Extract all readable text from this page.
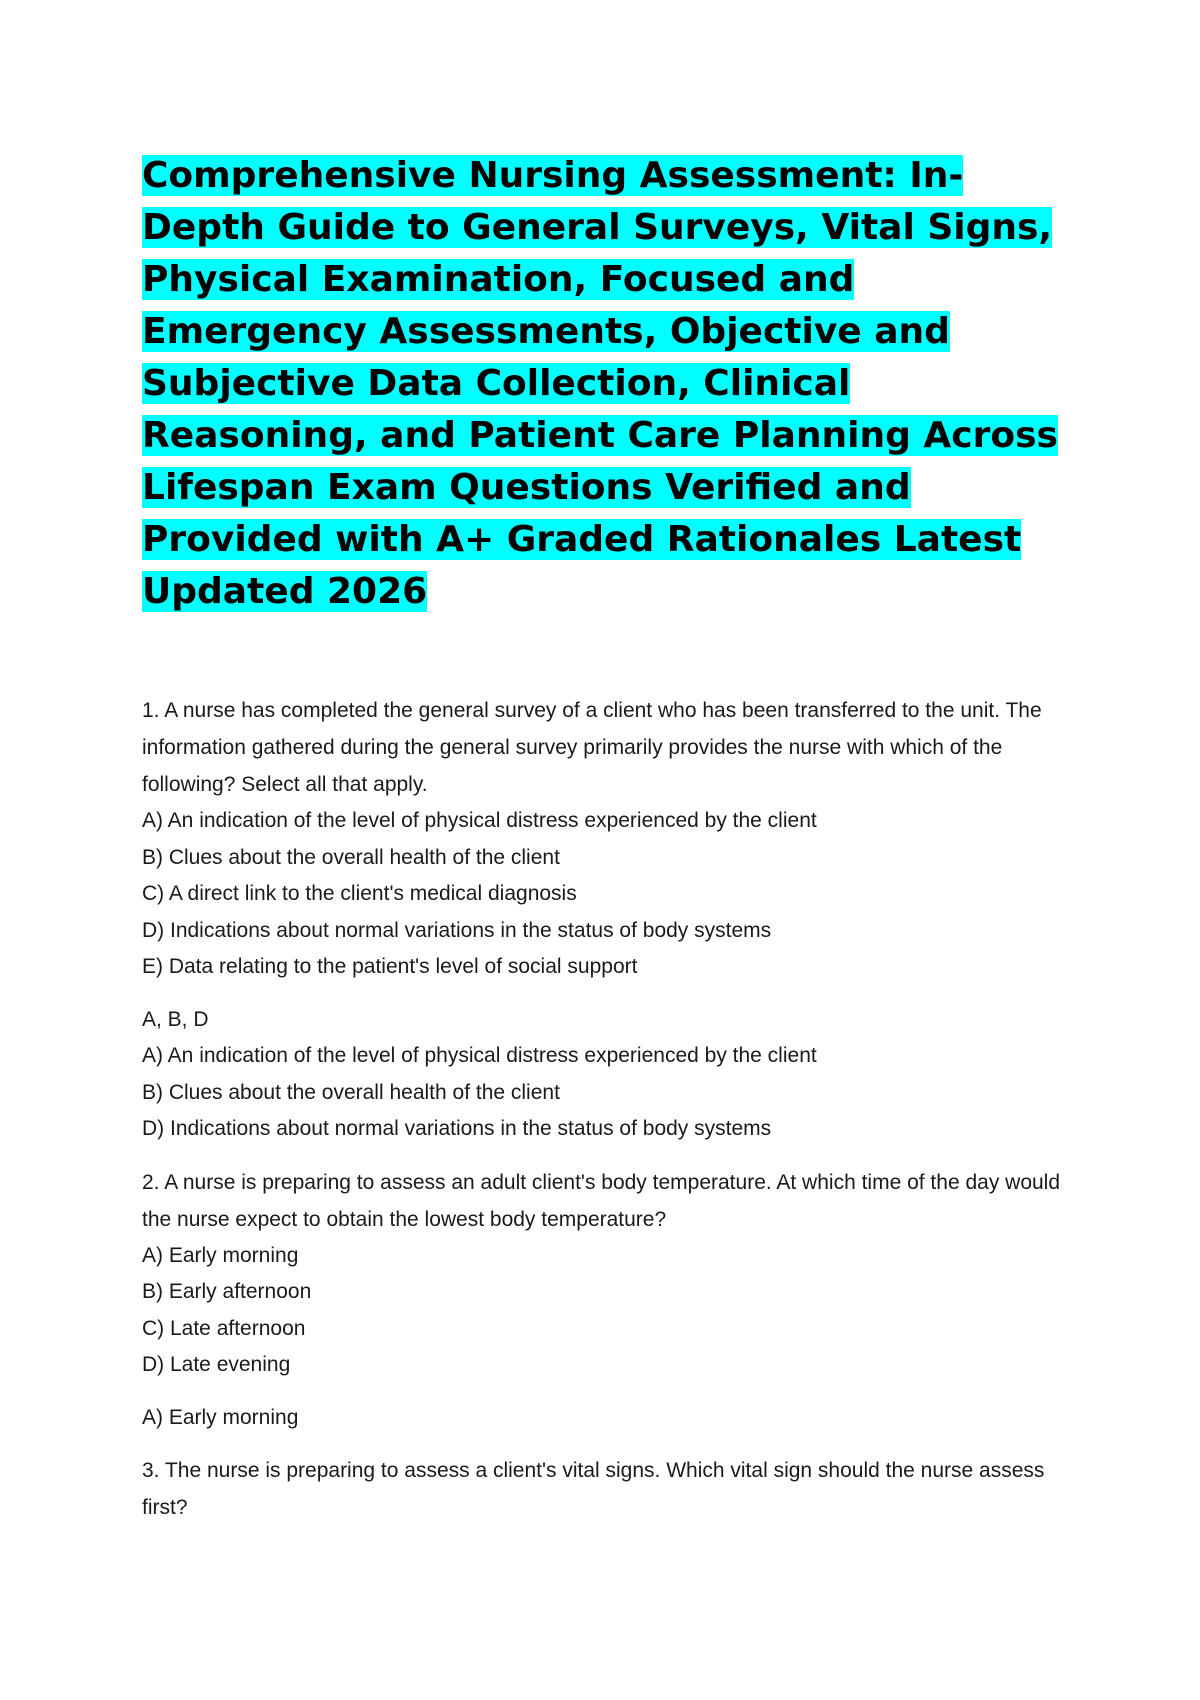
Comprehensive Nursing Assessment: In-Depth Guide to General Surveys, Vital Signs, Physical Examination, Focused and Emergency Assessments, Objective and Subjective Data Collection, Clinical Reasoning, and Patient Care Planning Across Lifespan Exam Questions Verified and Provided with A+ Graded Rationales Latest Updated 2026

1. A nurse has completed the general survey of a client who has been transferred to the unit. The information gathered during the general survey primarily provides the nurse with which of the following? Select all that apply.

A) An indication of the level of physical distress experienced by the client
B) Clues about the overall health of the client
C) A direct link to the client's medical diagnosis
D) Indications about normal variations in the status of body systems
E) Data relating to the patient's level of social support
A, B, D
A) An indication of the level of physical distress experienced by the client
B) Clues about the overall health of the client
D) Indications about normal variations in the status of body systems

2. A nurse is preparing to assess an adult client's body temperature. At which time of the day would the nurse expect to obtain the lowest body temperature?

A) Early morning
B) Early afternoon
C) Late afternoon
D) Late evening
A) Early morning

3. The nurse is preparing to assess a client's vital signs. Which vital sign should the nurse assess first?
